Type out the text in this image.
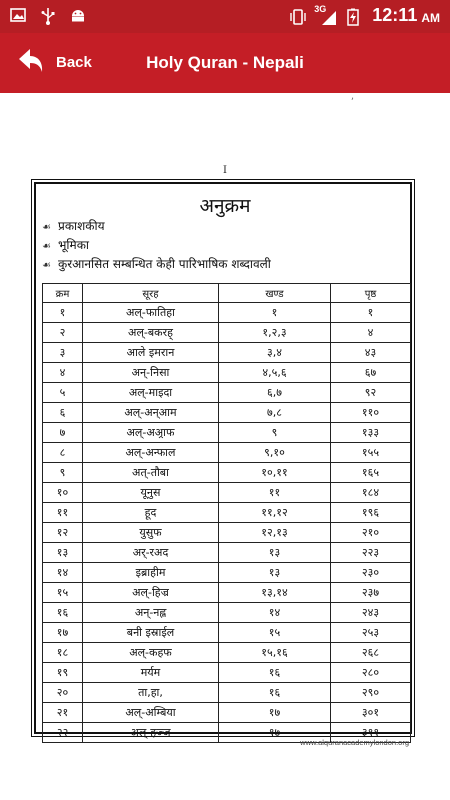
3G	12:11 AM
Back	Holy Quran - Nepali
,
I
अनुक्रम
☙ प्रकाशकीय
☙ भूमिका
☙ कुरआनसित सम्बन्धित केही पारिभाषिक शब्दावली
क्रम	सूरह	खण्ड	पृष्ठ
१	अल्-फातिहा	१	१
२	अल्-बकरह्	१,२,३	४
३	आले इमरान	३,४	४३
४	अन्-निसा	४,५,६	६७
५	अल्-माइदा	६,७	९२
६	अल्-अन्आम	७,८	११०
७	अल्-अअ्राफ	९	१३३
८	अल्-अन्फाल	९,१०	१५५
९	अत्-तौबा	१०,११	१६५
१०	यूनुस	११	१८४
११	हूद	११,१२	१९६
१२	युसुफ	१२,१३	२१०
१३	अर्-रअद	१३	२२३
१४	इब्राहीम	१३	२३०
१५	अल्-हिज्र	१३,१४	२३७
१६	अन्-नह्ल	१४	२४३
१७	बनी इस्राईल	१५	२५३
१८	अल्-कहफ	१५,१६	२६८
१९	मर्यम	१६	२८०
२०	ता,हा,	१६	२९०
२१	अल्-अम्बिया	१७	३०१
२२	अल्-हज्ज	१७	३११
www.alquranacademylondon.org
